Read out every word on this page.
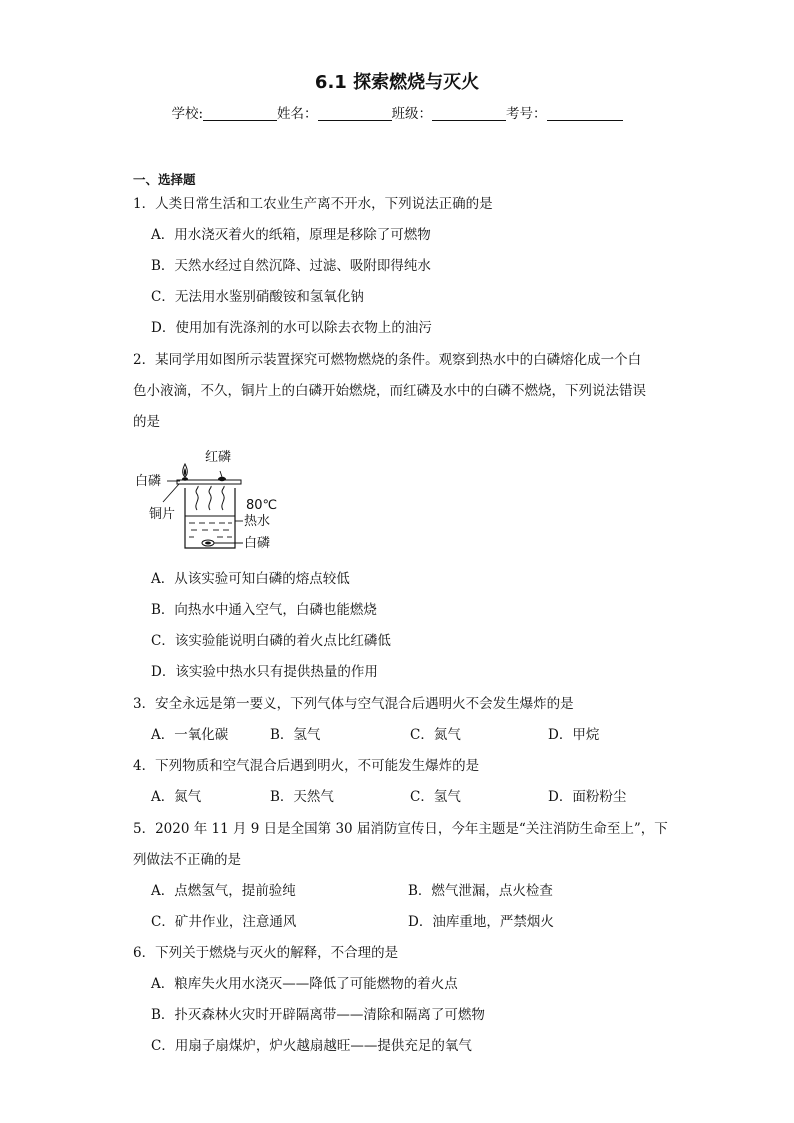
6.1 探索燃烧与灭火
学校:	姓名：	班级：	考号：
一、选择题
1．人类日常生活和工农业生产离不开水，下列说法正确的是
A．用水浇灭着火的纸箱，原理是移除了可燃物
B．天然水经过自然沉降、过滤、吸附即得纯水
C．无法用水鉴别硝酸铵和氢氧化钠
D．使用加有洗涤剂的水可以除去衣物上的油污
2．某同学用如图所示装置探究可燃物燃烧的条件。观察到热水中的白磷熔化成一个白
色小液滴，不久，铜片上的白磷开始燃烧，而红磷及水中的白磷不燃烧，下列说法错误
的是
红磷
白磷
铜片
80℃
热水
白磷
A．从该实验可知白磷的熔点较低
B．向热水中通入空气，白磷也能燃烧
C．该实验能说明白磷的着火点比红磷低
D．该实验中热水只有提供热量的作用
3．安全永远是第一要义，下列气体与空气混合后遇明火不会发生爆炸的是
A．一氧化碳	B．氢气	C．氮气	D．甲烷
4．下列物质和空气混合后遇到明火，不可能发生爆炸的是
A．氮气	B．天然气	C．氢气	D．面粉粉尘
5．2020 年 11 月 9 日是全国第 30 届消防宣传日，今年主题是“关注消防生命至上”，下
列做法不正确的是
A．点燃氢气，提前验纯	B．燃气泄漏，点火检查
C．矿井作业，注意通风	D．油库重地，严禁烟火
6．下列关于燃烧与灭火的解释，不合理的是
A．粮库失火用水浇灭——降低了可能燃物的着火点
B．扑灭森林火灾时开辟隔离带——清除和隔离了可燃物
C．用扇子扇煤炉，炉火越扇越旺——提供充足的氧气
